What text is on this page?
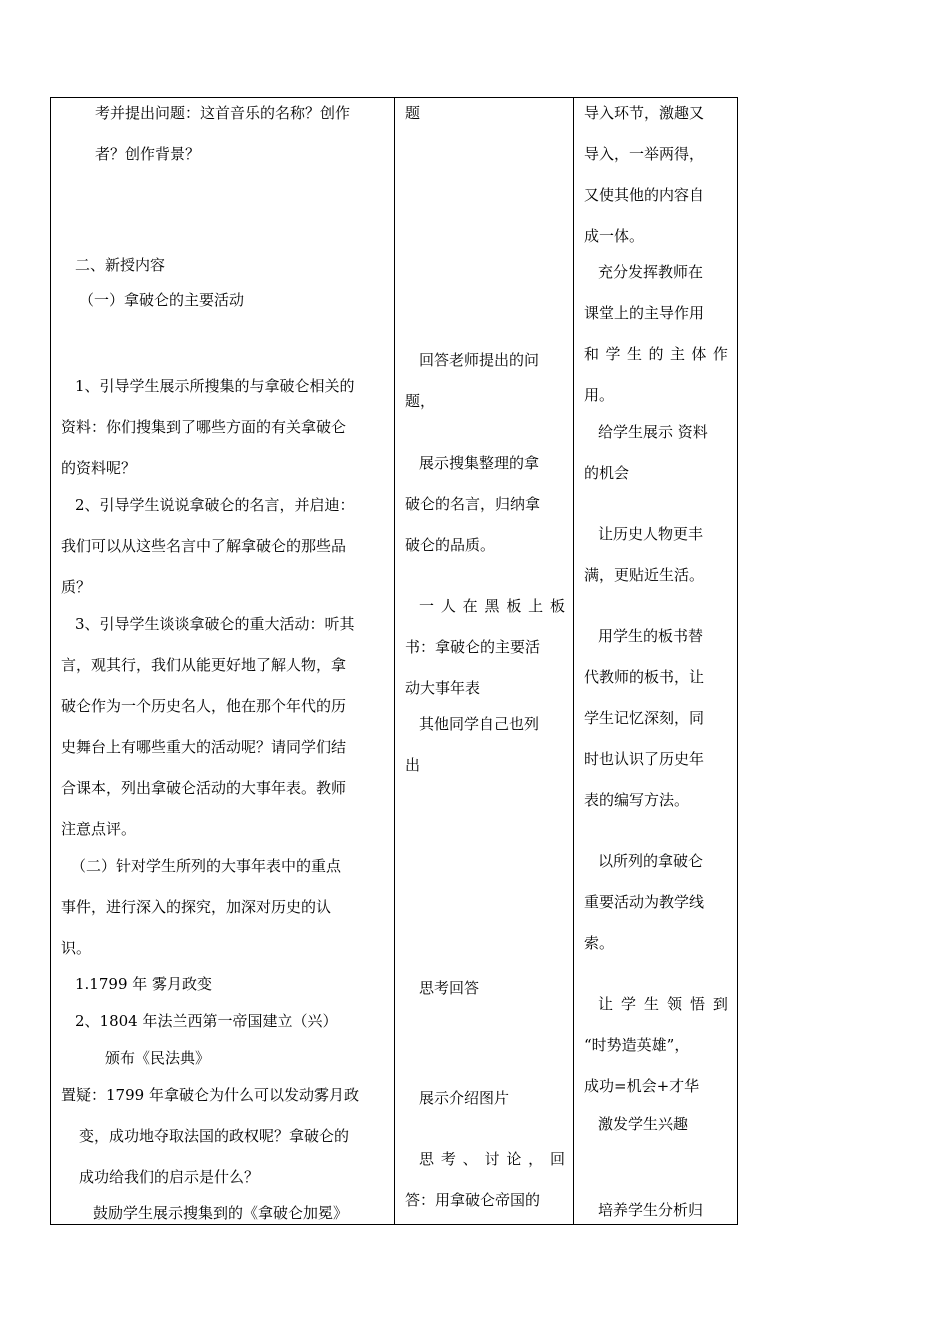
考并提出问题：这首音乐的名称？创作
者？创作背景？
二、新授内容
（一）拿破仑的主要活动
1、引导学生展示所搜集的与拿破仑相关的
资料：你们搜集到了哪些方面的有关拿破仑
的资料呢？
2、引导学生说说拿破仑的名言，并启迪：
我们可以从这些名言中了解拿破仑的那些品
质？
3、引导学生谈谈拿破仑的重大活动：听其
言，观其行，我们从能更好地了解人物，拿
破仑作为一个历史名人，他在那个年代的历
史舞台上有哪些重大的活动呢？请同学们结
合课本，列出拿破仑活动的大事年表。教师
注意点评。
（二）针对学生所列的大事年表中的重点
事件，进行深入的探究，加深对历史的认
识。
1.1799 年 雾月政变
2、1804 年法兰西第一帝国建立（兴）
颁布《民法典》
置疑：1799 年拿破仑为什么可以发动雾月政
变，成功地夺取法国的政权呢？拿破仑的
成功给我们的启示是什么？
鼓励学生展示搜集到的《拿破仑加冕》
题
回答老师提出的问
题，
展示搜集整理的拿
破仑的名言，归纳拿
破仑的品质。
一 人 在 黑 板 上 板
书：拿破仑的主要活
动大事年表
其他同学自己也列
出
思考回答
展示介绍图片
思 考 、 讨 论 ， 回
答：用拿破仑帝国的
导入环节，激趣又
导入，一举两得，
又使其他的内容自
成一体。
充分发挥教师在
课堂上的主导作用
和 学 生 的 主 体 作
用。
给学生展示 资料
的机会
让历史人物更丰
满，更贴近生活。
用学生的板书替
代教师的板书，让
学生记忆深刻，同
时也认识了历史年
表的编写方法。
以所列的拿破仑
重要活动为教学线
索。
让 学 生 领 悟 到
“时势造英雄”，
成功=机会+才华
激发学生兴趣
培养学生分析归
